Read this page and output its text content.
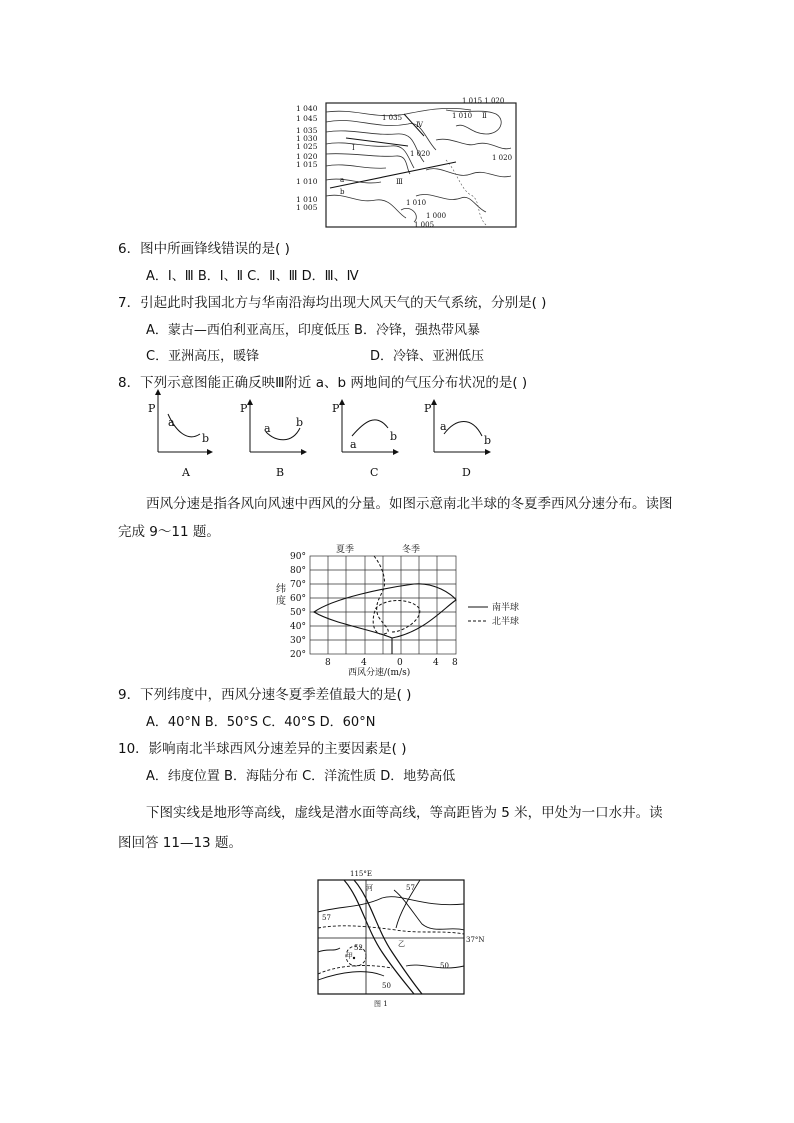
1 040
1 045
1 035
1 030
1 025
1 020
1 015
1 010
1 010
1 005
1 015 1 020
1 010 Ⅱ
Ⅳ
1 035
Ⅰ
1 020	1 020
Ⅲ
1 010
1 000
1 005
a
b
6．图中所画锋线错误的是( )
A．Ⅰ、Ⅲ B．Ⅰ、Ⅱ C．Ⅱ、Ⅲ D．Ⅲ、Ⅳ
7．引起此时我国北方与华南沿海均出现大风天气的天气系统，分别是( )
A．蒙古—西伯利亚高压，印度低压 B．冷锋，强热带风暴
C．亚洲高压，暖锋	D．冷锋、亚洲低压
8．下列示意图能正确反映Ⅲ附近 a、b 两地间的气压分布状况的是( )
P
a
b
P
a b
P
a
b
P
a
b
A	B	C	D
西风分速是指各风向风速中西风的分量。如图示意南北半球的冬夏季西风分速分布。读图完成 9～11 题。
夏季	冬季
90°
80°
70°
60°
50°
40°
30°
20°
8	4	0	4 8
西风分速/(m/s)
南半球
北半球
纬度
9．下列纬度中，西风分速冬夏季差值最大的是( )
A．40°N B．50°S C．40°S D．60°N
10．影响南北半球西风分速差异的主要因素是( )
A．纬度位置 B．海陆分布 C．洋流性质 D．地势高低
下图实线是地形等高线，虚线是潜水面等高线，等高距皆为 5 米，甲处为一口水井。读图回答 11—13 题。
115°E
37°N
河
甲
乙
57
57
52
50
50
图 1
